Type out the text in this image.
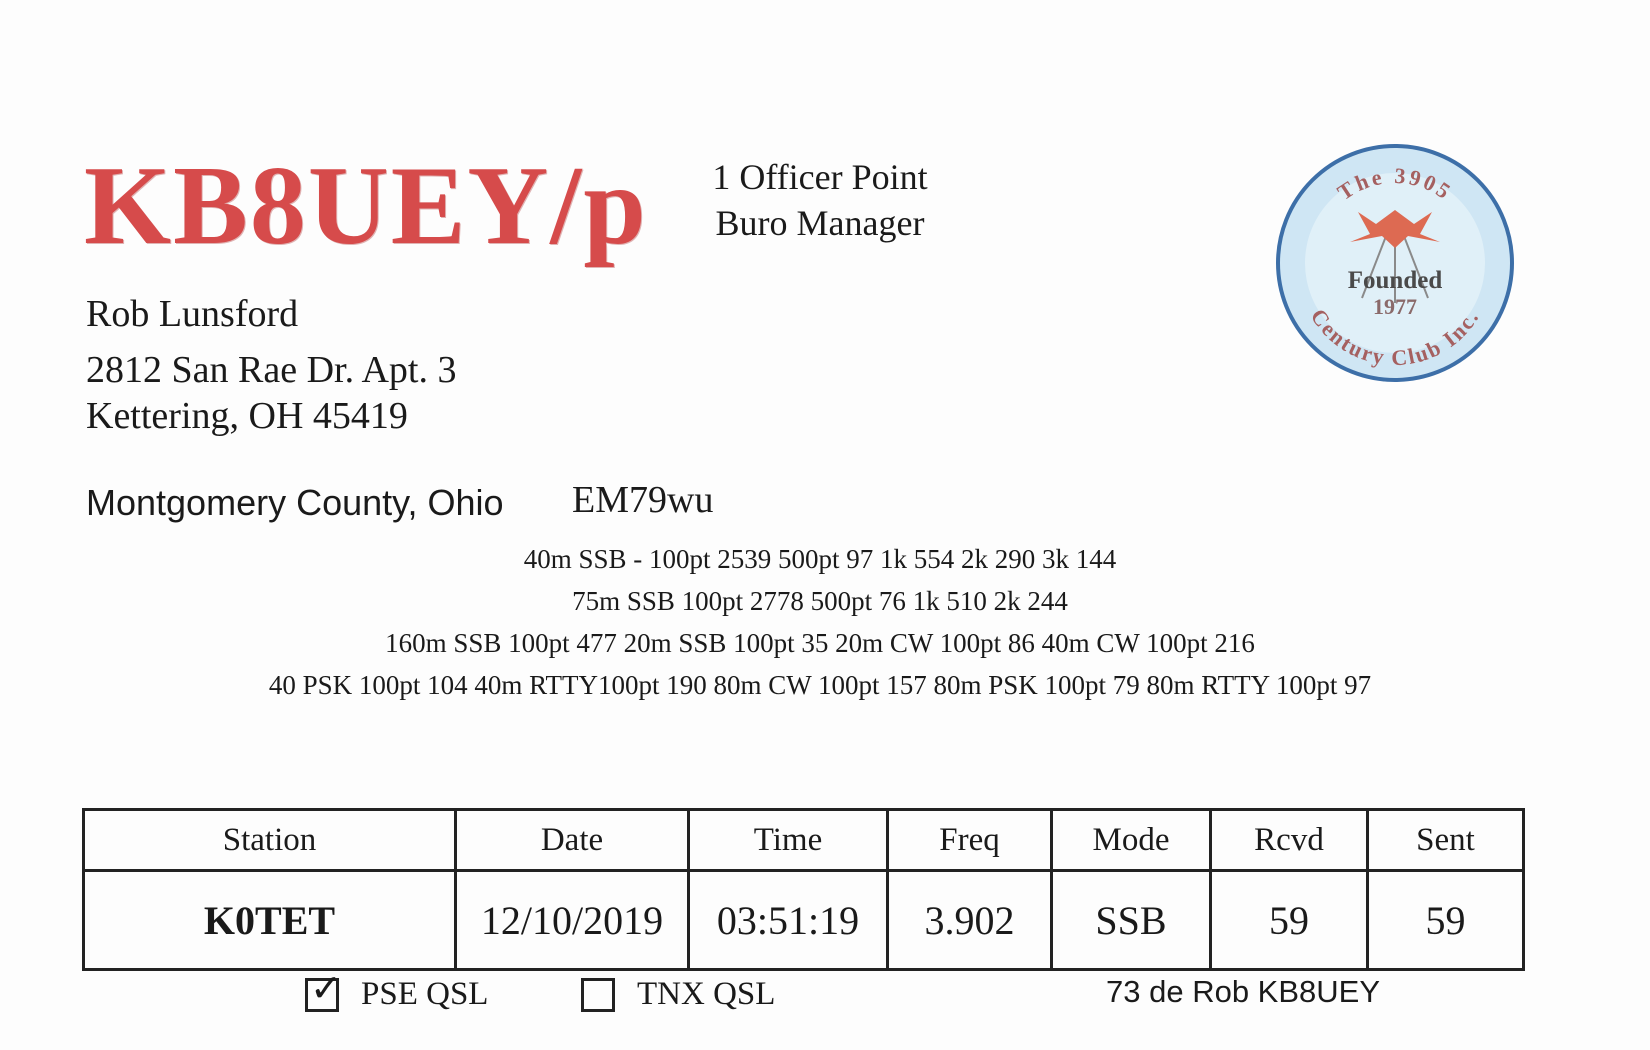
KB8UEY/p	1 Officer Point
Buro Manager
Rob Lunsford
2812 San Rae Dr. Apt. 3
Kettering, OH 45419
Montgomery County, Ohio EM79wu
40m SSB - 100pt 2539 500pt 97 1k 554 2k 290 3k 144
75m SSB 100pt 2778 500pt 76 1k 510 2k 244
160m SSB 100pt 477 20m SSB 100pt 35 20m CW 100pt 86 40m CW 100pt 216
40 PSK 100pt 104 40m RTTY100pt 190 80m CW 100pt 157 80m PSK 100pt 79 80m RTTY 100pt 97
The 3905
Founded
1977
Century Club Inc.
Station	Date	Time	Freq	Mode	Rcvd	Sent
K0TET	12/10/2019	03:51:19	3.902	SSB	59	59
✓ PSE QSL	TNX QSL	73 de Rob KB8UEY
